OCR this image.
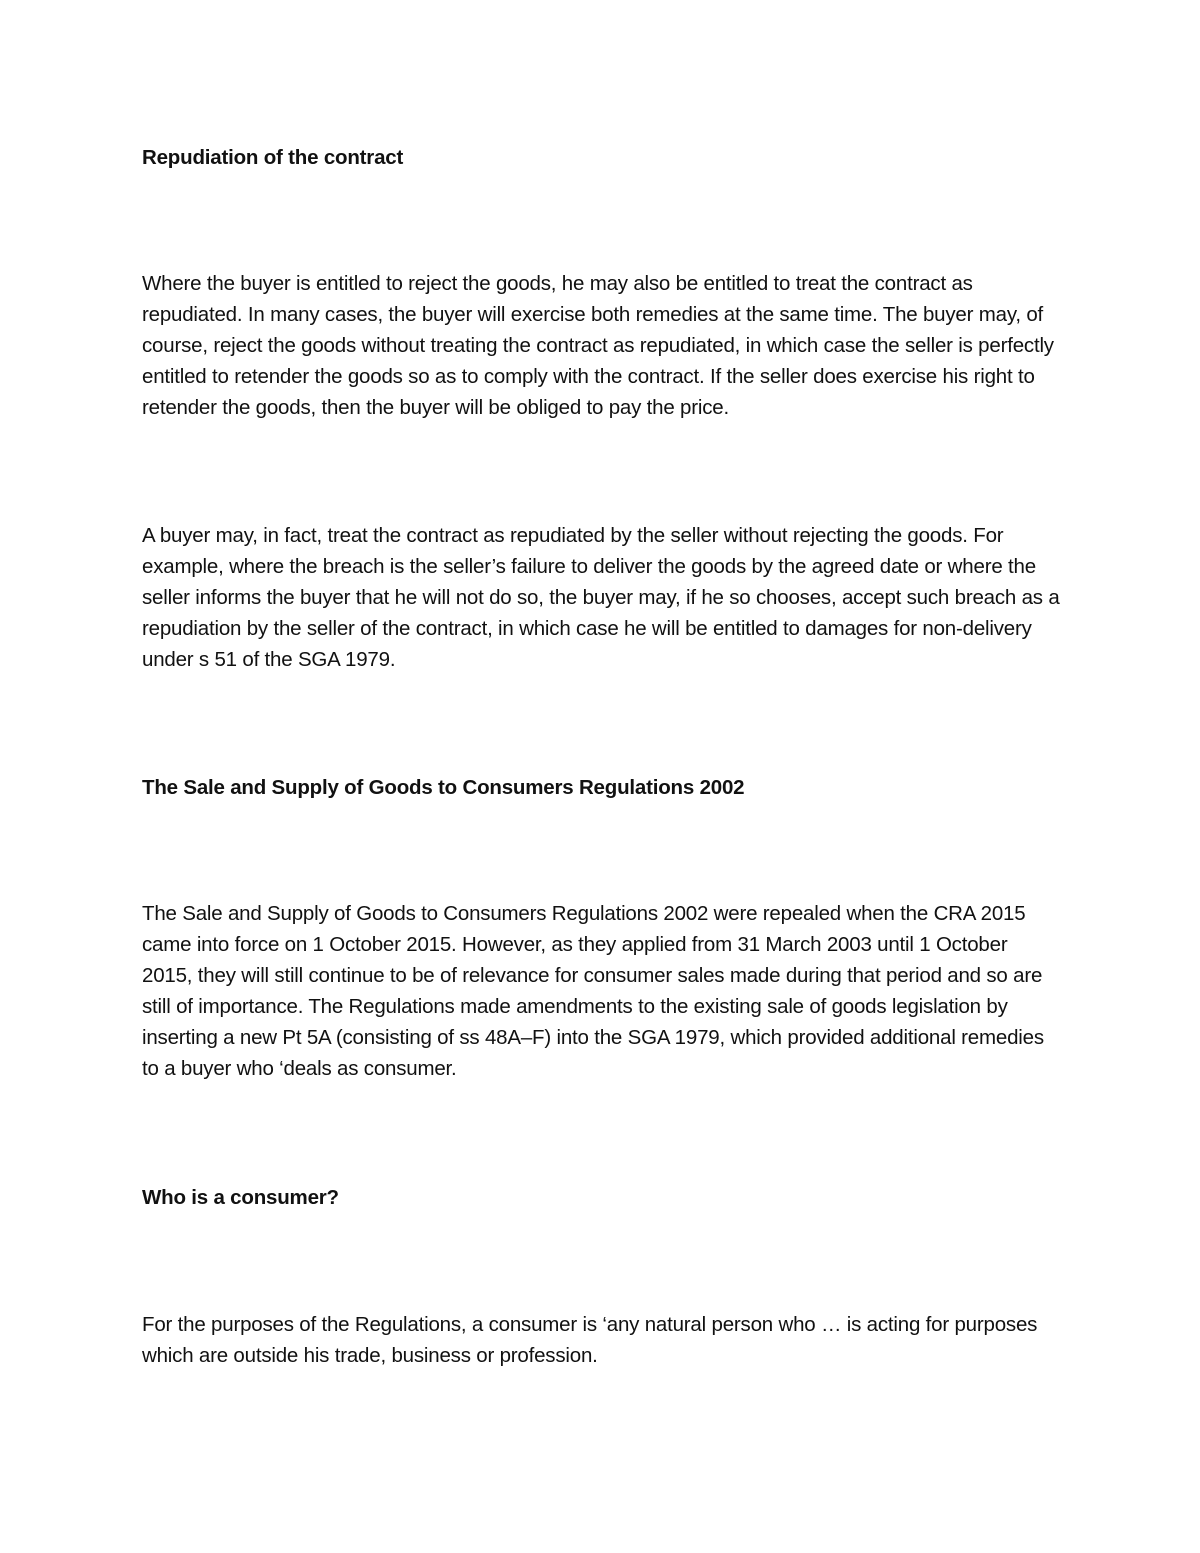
Repudiation of the contract

Where the buyer is entitled to reject the goods, he may also be entitled to treat the contract as repudiated. In many cases, the buyer will exercise both remedies at the same time. The buyer may, of course, reject the goods without treating the contract as repudiated, in which case the seller is perfectly entitled to retender the goods so as to comply with the contract. If the seller does exercise his right to retender the goods, then the buyer will be obliged to pay the price.

A buyer may, in fact, treat the contract as repudiated by the seller without rejecting the goods. For example, where the breach is the seller’s failure to deliver the goods by the agreed date or where the seller informs the buyer that he will not do so, the buyer may, if he so chooses, accept such breach as a repudiation by the seller of the contract, in which case he will be entitled to damages for non-delivery under s 51 of the SGA 1979.

The Sale and Supply of Goods to Consumers Regulations 2002

The Sale and Supply of Goods to Consumers Regulations 2002 were repealed when the CRA 2015 came into force on 1 October 2015. However, as they applied from 31 March 2003 until 1 October 2015, they will still continue to be of relevance for consumer sales made during that period and so are still of importance. The Regulations made amendments to the existing sale of goods legislation by inserting a new Pt 5A (consisting of ss 48A–F) into the SGA 1979, which provided additional remedies to a buyer who ‘deals as consumer.

Who is a consumer?

For the purposes of the Regulations, a consumer is ‘any natural person who … is acting for purposes which are outside his trade, business or profession.
